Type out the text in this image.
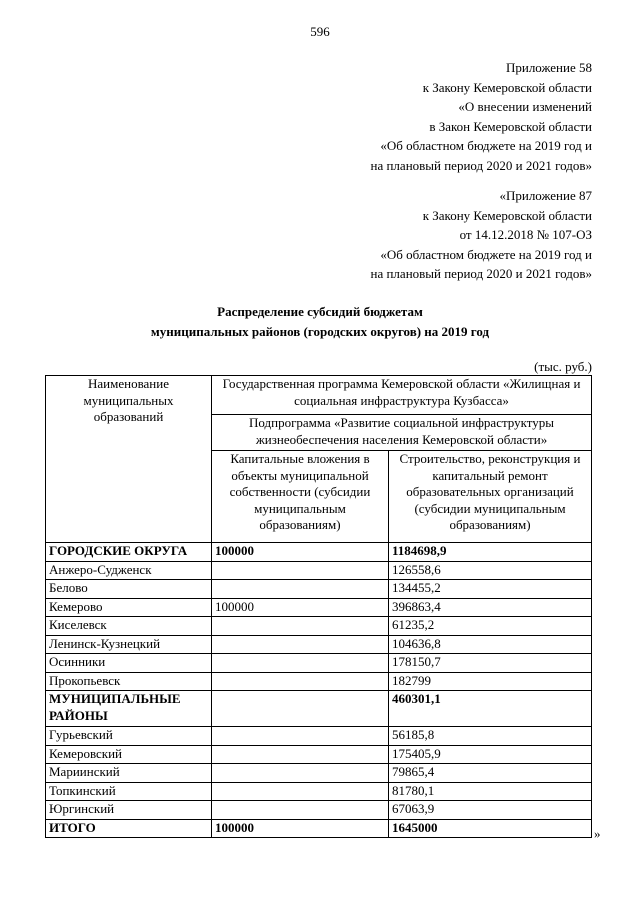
596
Приложение 58
к Закону Кемеровской области
«О внесении изменений
в Закон Кемеровской области
«Об областном бюджете на 2019 год и
на плановый период 2020 и 2021 годов»
«Приложение 87
к Закону Кемеровской области
от 14.12.2018 № 107-ОЗ
«Об областном бюджете на 2019 год и
на плановый период 2020 и 2021 годов»
Распределение субсидий бюджетам
муниципальных районов (городских округов) на 2019 год
(тыс. руб.)
Наименование муниципальных образований	Государственная программа Кемеровской области «Жилищная и социальная инфраструктура Кузбасса»	
	Подпрограмма «Развитие социальной инфраструктуры жизнеобеспечения населения Кемеровской области»	
	Капитальные вложения в объекты муниципальной собственности (субсидии муниципальным образованиям)	Строительство, реконструкция и капитальный ремонт образовательных организаций (субсидии муниципальным образованиям)
ГОРОДСКИЕ ОКРУГА	100000	1184698,9
Анжеро-Судженск		126558,6
Белово		134455,2
Кемерово	100000	396863,4
Киселевск		61235,2
Ленинск-Кузнецкий		104636,8
Осинники		178150,7
Прокопьевск		182799
МУНИЦИПАЛЬНЫЕ РАЙОНЫ		460301,1
Гурьевский		56185,8
Кемеровский		175405,9
Мариинский		79865,4
Топкинский		81780,1
Юргинский		67063,9
ИТОГО	100000	1645000	»
